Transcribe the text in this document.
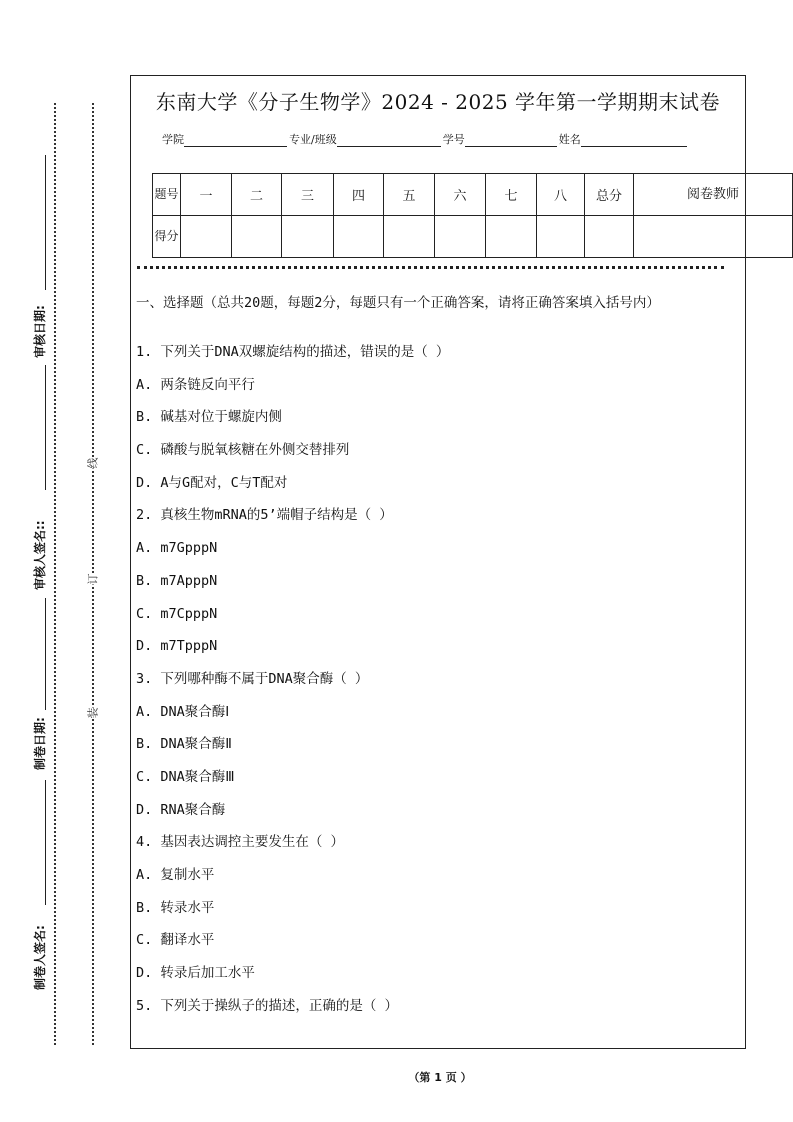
东南大学《分子生物学》2024 - 2025 学年第一学期期末试卷
学院	专业/班级	学号	姓名
题号	一	二	三	四	五	六	七	八	总分	阅卷教师
得分										
一、选择题（总共20题，每题2分，每题只有一个正确答案，请将正确答案填入括号内）
1. 下列关于DNA双螺旋结构的描述，错误的是（ ）
A. 两条链反向平行
B. 碱基对位于螺旋内侧
C. 磷酸与脱氧核糖在外侧交替排列
D. A与G配对，C与T配对
2. 真核生物mRNA的5’端帽子结构是（ ）
A. m7GpppN
B. m7ApppN
C. m7CpppN
D. m7TpppN
3. 下列哪种酶不属于DNA聚合酶（ ）
A. DNA聚合酶Ⅰ
B. DNA聚合酶Ⅱ
C. DNA聚合酶Ⅲ
D. RNA聚合酶
4. 基因表达调控主要发生在（ ）
A. 复制水平
B. 转录水平
C. 翻译水平
D. 转录后加工水平
5. 下列关于操纵子的描述，正确的是（ ）
线
订
装
审核日期:
审核人签名::
制卷日期:
制卷人签名:
（第 1 页 ）
